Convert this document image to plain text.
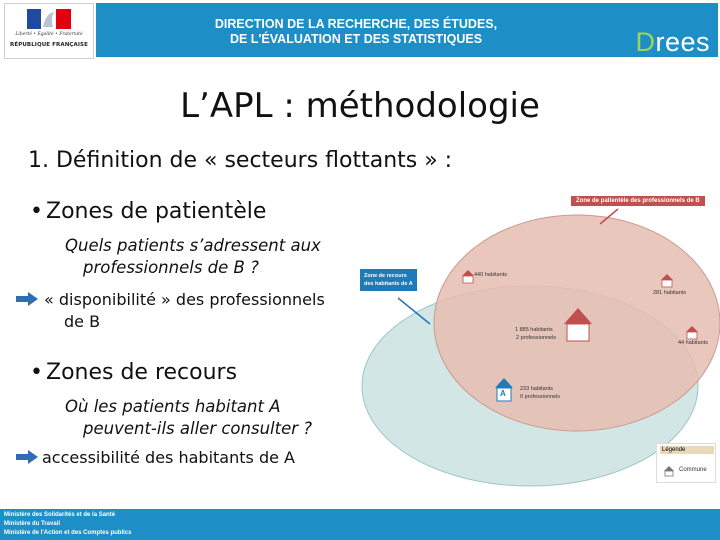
Liberté • Égalité • Fraternité
RÉPUBLIQUE FRANÇAISE
DIRECTION DE LA RECHERCHE, DES ÉTUDES,
DE L'ÉVALUATION ET DES STATISTIQUES	Drees
L’APL : méthodologie
1. Définition de « secteurs flottants » :
• Zones de patientèle
Quels patients s’adressent aux
professionnels de B ?
« disponibilité » des professionnels
de B
• Zones de recours
Où les patients habitant A
peuvent-ils aller consulter ?
accessibilité des habitants de A
Zone de patientèle des professionnels de B
Zone de recours
des habitants de A
440 habitants
281 habitants
44 habitants
B
1 885 habitants
2 professionnels
A	233 habitants
0 professionnels
Légende
Commune
Ministère des Solidarités et de la Santé
Ministère du Travail
Ministère de l'Action et des Comptes publics
